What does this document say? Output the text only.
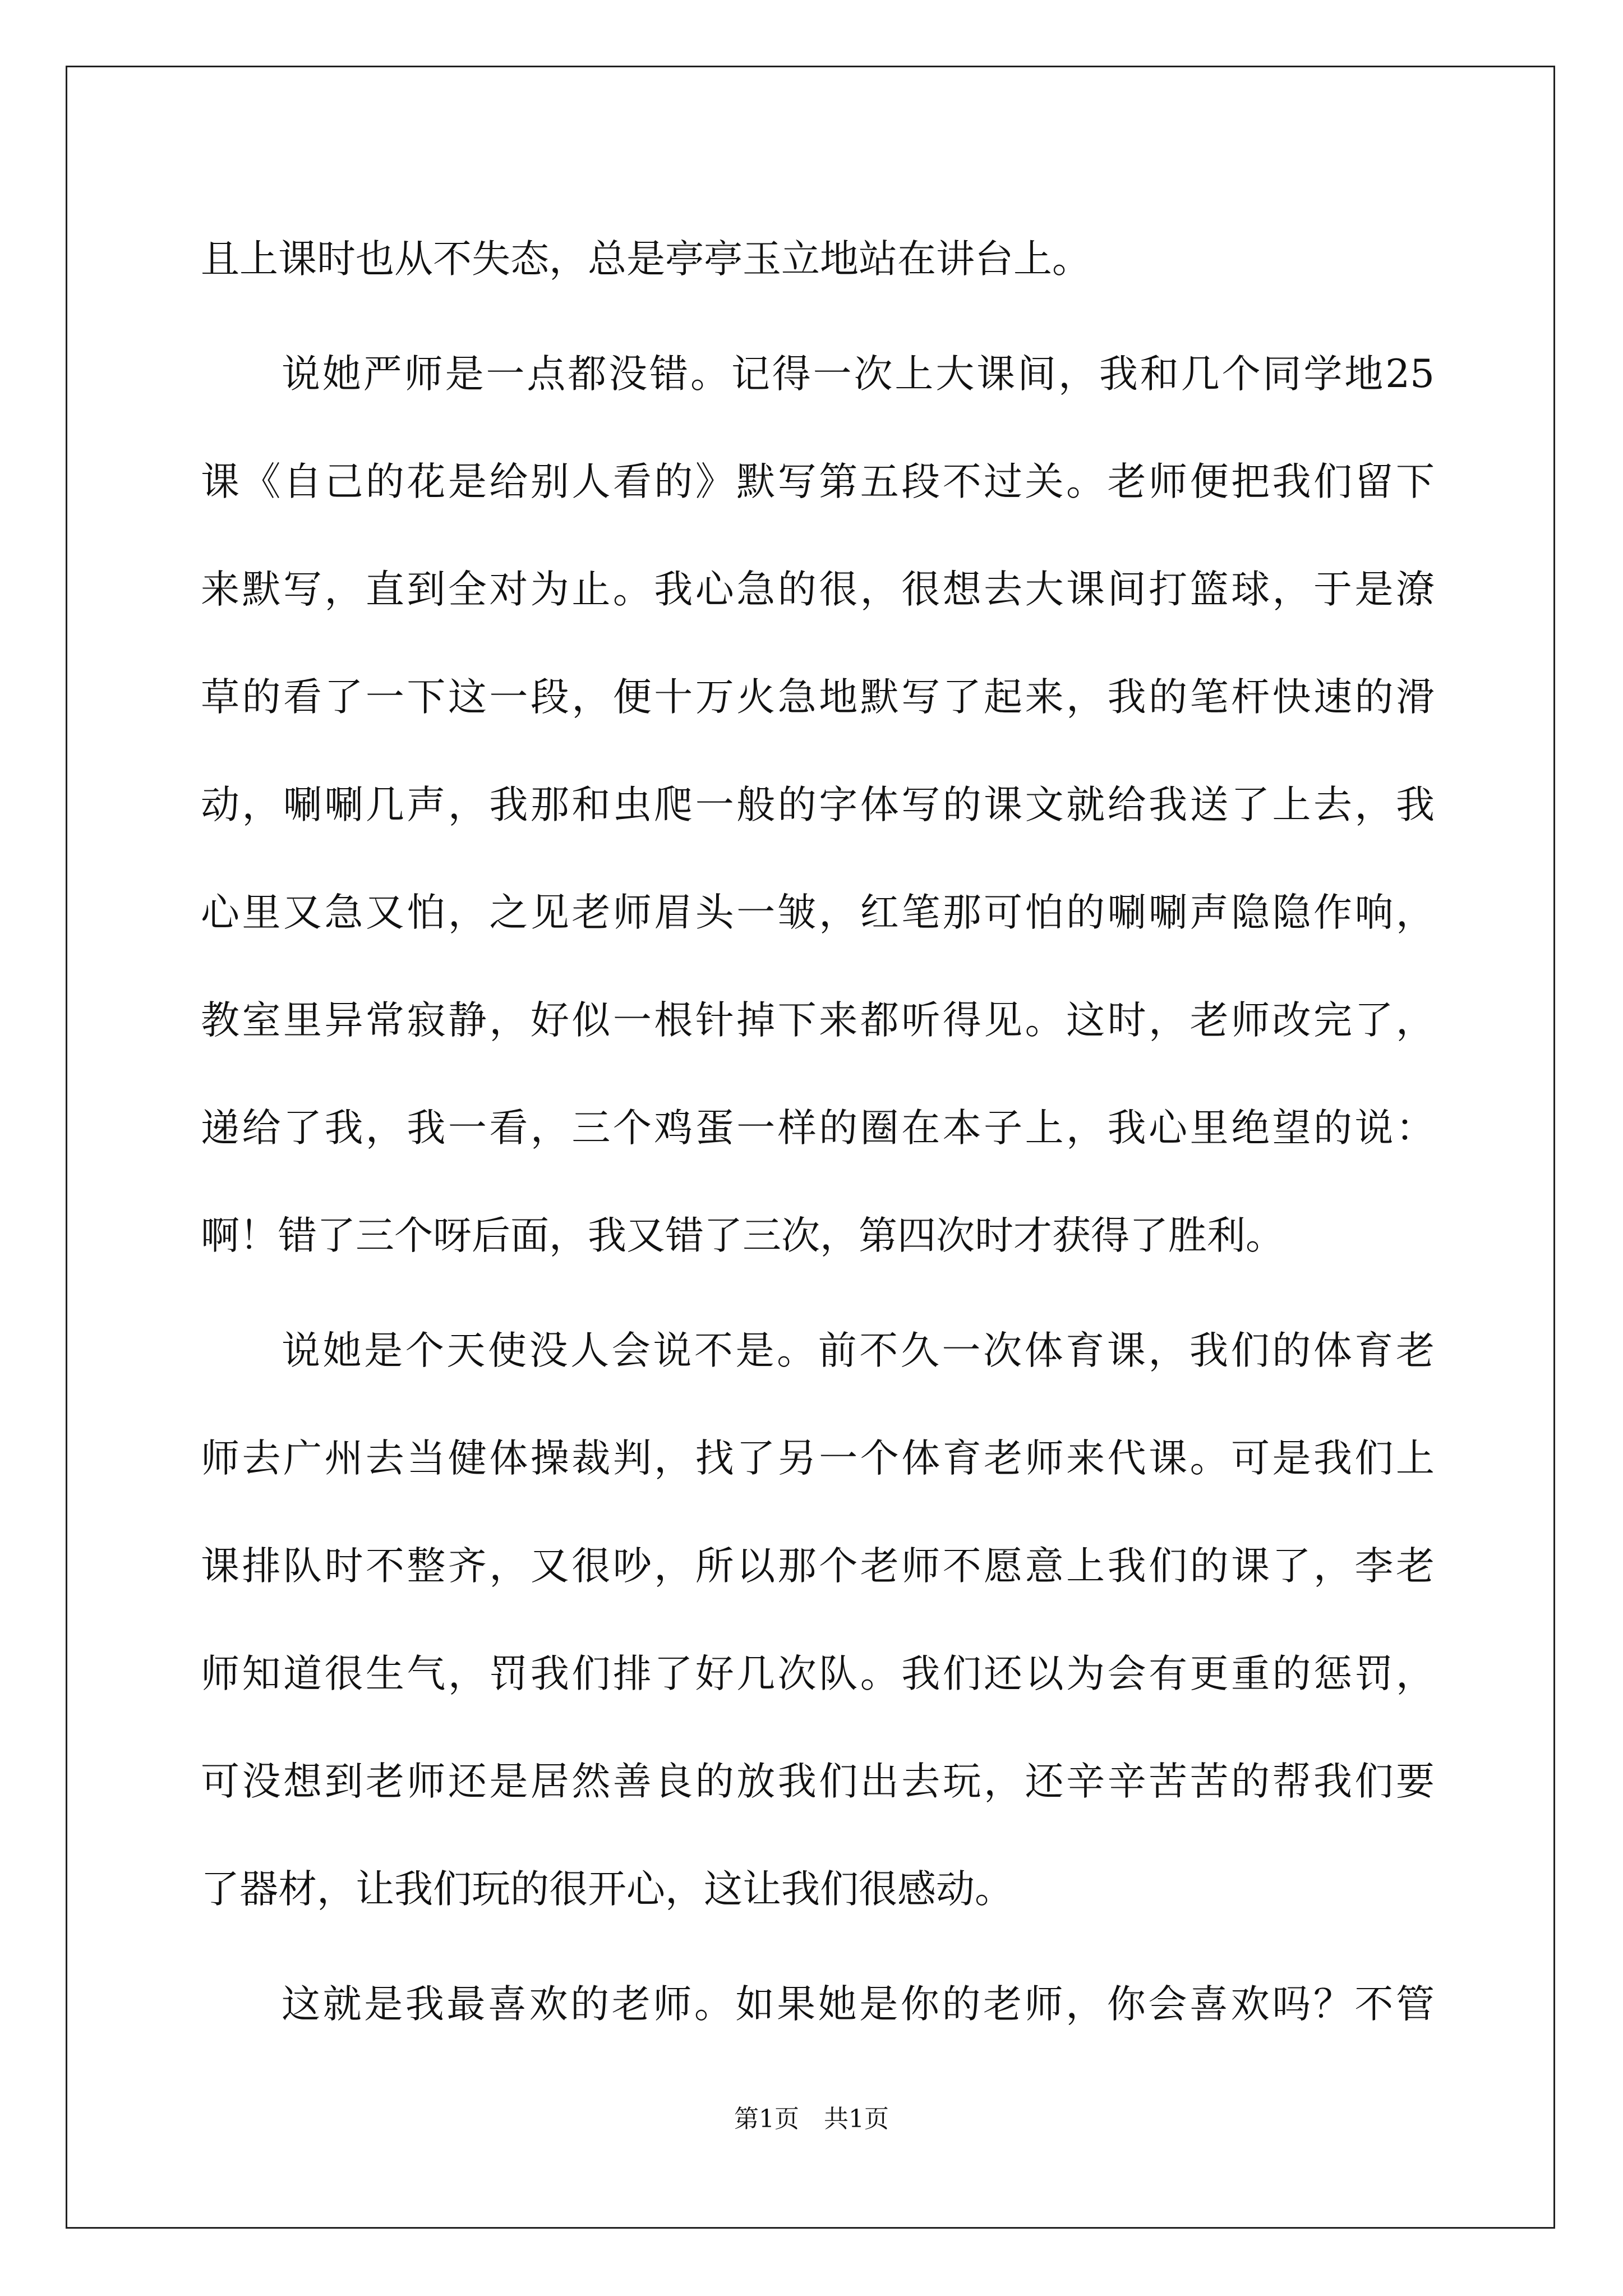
且上课时也从不失态，总是亭亭玉立地站在讲台上。
说她严师是一点都没错。记得一次上大课间，我和几个同学地25
课《自己的花是给别人看的》默写第五段不过关。老师便把我们留下
来默写，直到全对为止。我心急的很，很想去大课间打篮球，于是潦
草的看了一下这一段，便十万火急地默写了起来，我的笔杆快速的滑
动，唰唰几声，我那和虫爬一般的字体写的课文就给我送了上去，我
心里又急又怕，之见老师眉头一皱，红笔那可怕的唰唰声隐隐作响，
教室里异常寂静，好似一根针掉下来都听得见。这时，老师改完了，
递给了我，我一看，三个鸡蛋一样的圈在本子上，我心里绝望的说：
啊！错了三个呀后面，我又错了三次，第四次时才获得了胜利。
说她是个天使没人会说不是。前不久一次体育课，我们的体育老
师去广州去当健体操裁判，找了另一个体育老师来代课。可是我们上
课排队时不整齐，又很吵，所以那个老师不愿意上我们的课了，李老
师知道很生气，罚我们排了好几次队。我们还以为会有更重的惩罚，
可没想到老师还是居然善良的放我们出去玩，还辛辛苦苦的帮我们要
了器材，让我们玩的很开心，这让我们很感动。
这就是我最喜欢的老师。如果她是你的老师，你会喜欢吗？不管
第1页　共1页
